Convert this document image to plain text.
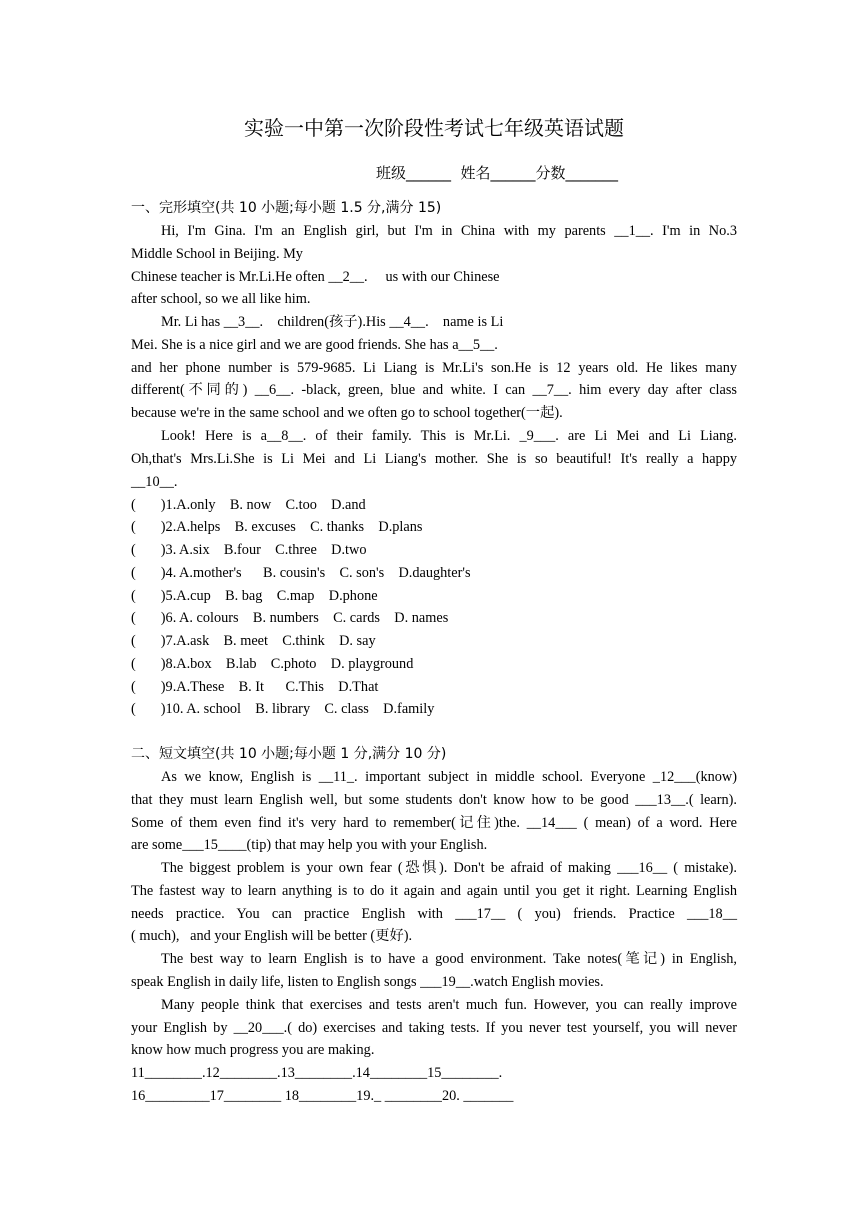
实验一中第一次阶段性考试七年级英语试题
班级______  姓名______分数_______
一、完形填空(共 10 小题;每小题 1.5 分,满分 15)
Hi, I'm Gina. I'm an English girl, but I'm in China with my parents __1__. I'm in No.3
Middle School in Beijing. My
Chinese teacher is Mr.Li.He often __2__.     us with our Chinese
after school, so we all like him.
Mr. Li has __3__.    children(孩子).His __4__.    name is Li
Mei. She is a nice girl and we are good friends. She has a__5__.
and her phone number is 579-9685. Li Liang is Mr.Li's son.He is 12 years old. He likes many
different(不同的) __6__. -black, green, blue and white. I can __7__. him every day after class
because we're in the same school and we often go to school together(一起).
Look! Here is a__8__. of their family. This is Mr.Li. _9___. are Li Mei and Li Liang.
Oh,that's Mrs.Li.She is Li Mei and Li Liang's mother. She is so beautiful! It's really a happy
__10__.
(       )1.A.only    B. now    C.too    D.and
(       )2.A.helps    B. excuses    C. thanks    D.plans
(       )3. A.six    B.four    C.three    D.two
(       )4. A.mother's      B. cousin's    C. son's    D.daughter's
(       )5.A.cup    B. bag    C.map    D.phone
(       )6. A. colours    B. numbers    C. cards    D. names
(       )7.A.ask    B. meet    C.think    D. say
(       )8.A.box    B.lab    C.photo    D. playground
(       )9.A.These    B. It      C.This    D.That
(       )10. A. school    B. library    C. class    D.family
二、短文填空(共 10 小题;每小题 1 分,满分 10 分)
As we know, English is __11_. important subject in middle school. Everyone _12___(know)
that they must learn English well, but some students don't know how to be good ___13__.( learn).
Some of them even find it's very hard to remember(记住)the. __14___ ( mean) of a word. Here
are some___15____(tip) that may help you with your English.
The biggest problem is your own fear (恐惧). Don't be afraid of making ___16__ ( mistake).
The fastest way to learn anything is to do it again and again until you get it right. Learning English
needs practice. You can practice English with ___17__ ( you) friends. Practice ___18__
( much),   and your English will be better (更好).
The best way to learn English is to have a good environment. Take notes(笔记) in English,
speak English in daily life, listen to English songs ___19__.watch English movies.
Many people think that exercises and tests aren't much fun. However, you can really improve
your English by __20___.( do) exercises and taking tests. If you never test yourself, you will never
know how much progress you are making.
11________.12________.13________.14________15________.
16_________17________ 18________19._ ________20. _______
